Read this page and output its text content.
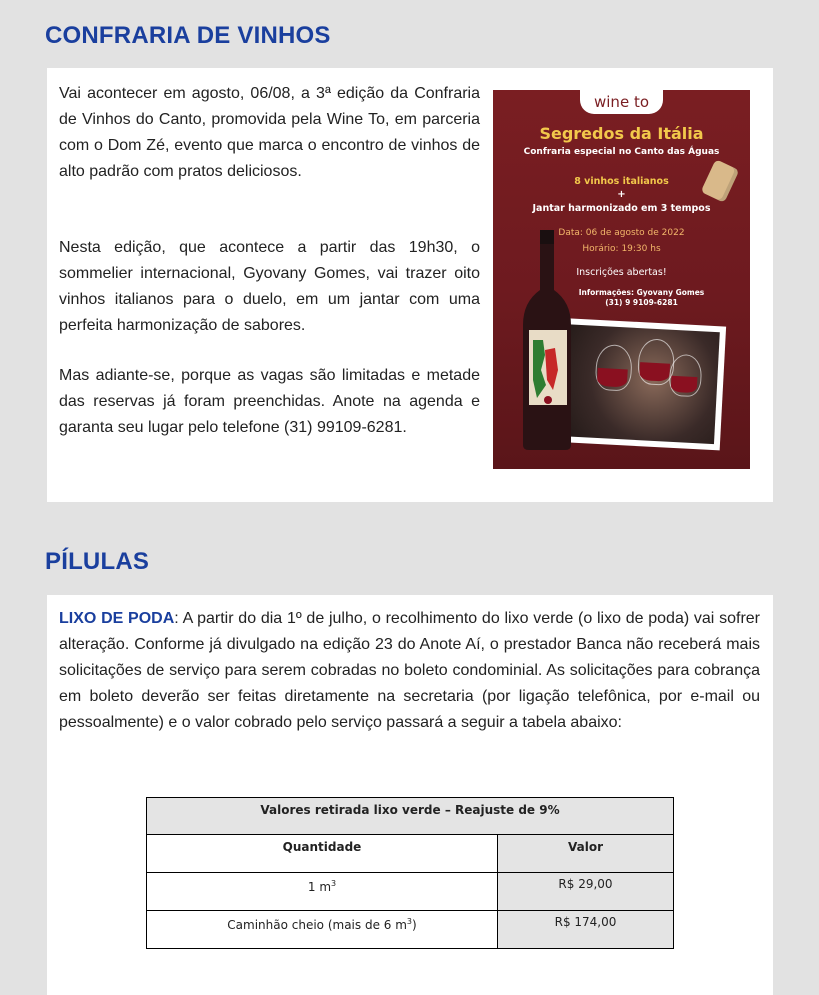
CONFRARIA DE VINHOS

Vai acontecer em agosto, 06/08, a 3ª edição da Confraria de Vinhos do Canto, promovida pela Wine To, em parceria com o Dom Zé, evento que marca o encontro de vinhos de alto padrão com pratos deliciosos.

Nesta edição, que acontece a partir das 19h30, o sommelier internacional, Gyovany Gomes, vai trazer oito vinhos italianos para o duelo, em um jantar com uma perfeita harmonização de sabores.

Mas adiante-se, porque as vagas são limitadas e metade das reservas já foram preenchidas. Anote na agenda e garanta seu lugar pelo telefone (31) 99109-6281.

wine to

Segredos da Itália

Confraria especial no Canto das Águas

8 vinhos italianos

+

Jantar harmonizado em 3 tempos

Data: 06 de agosto de 2022

Horário: 19:30 hs

Inscrições abertas!

Informações: Gyovany Gomes

(31) 9 9109-6281

PÍLULAS

LIXO DE PODA: A partir do dia 1º de julho, o recolhimento do lixo verde (o lixo de poda) vai sofrer alteração. Conforme já divulgado na edição 23 do Anote Aí, o prestador Banca não receberá mais solicitações de serviço para serem cobradas no boleto condominial. As solicitações para cobrança em boleto deverão ser feitas diretamente na secretaria (por ligação telefônica, por e-mail ou pessoalmente) e o valor cobrado pelo serviço passará a seguir a tabela abaixo:

Valores retirada lixo verde – Reajuste de 9%	
Quantidade	Valor
1 $m^3$	R$ 29,00
Caminhão cheio (mais de 6 $m^3$)	R$ 174,00
